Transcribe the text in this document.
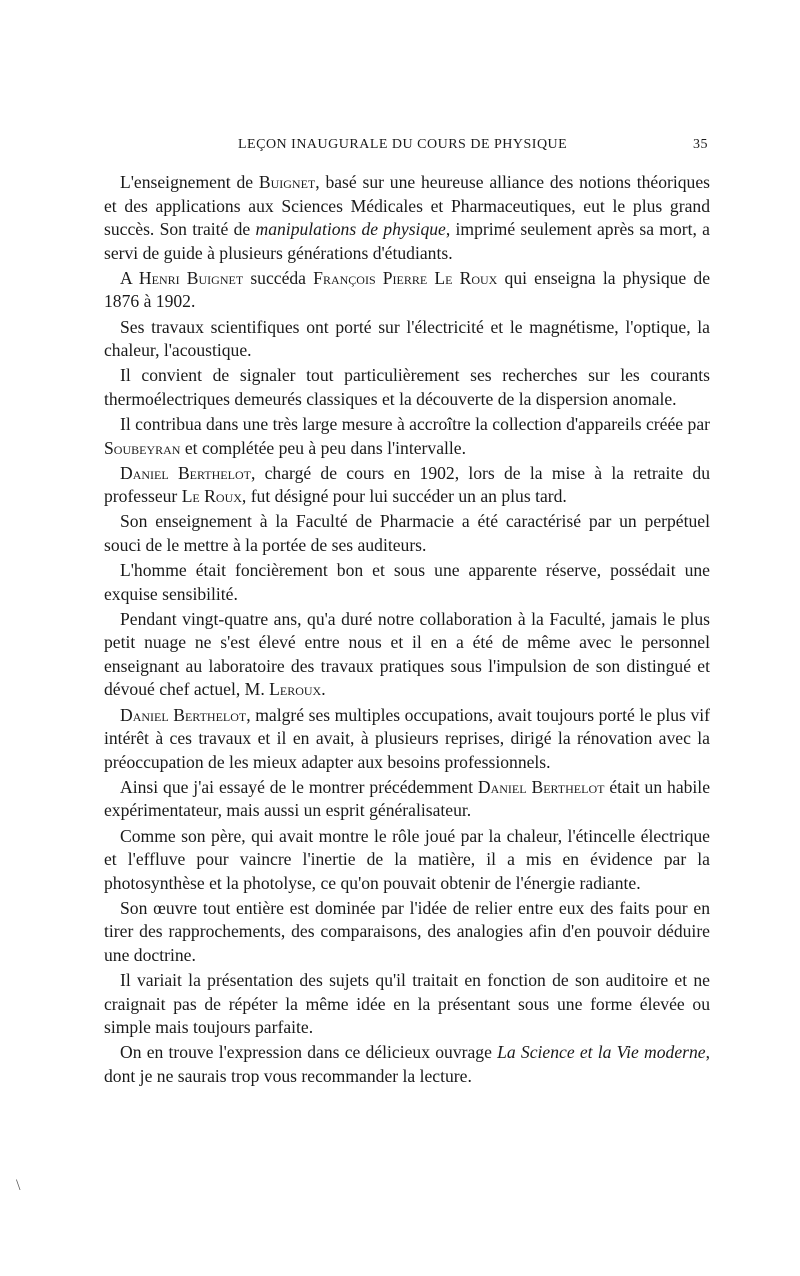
LEÇON INAUGURALE DU COURS DE PHYSIQUE	35

L'enseignement de Buignet, basé sur une heureuse alliance des notions théoriques et des applications aux Sciences Médicales et Pharmaceutiques, eut le plus grand succès. Son traité de manipulations de physique, imprimé seulement après sa mort, a servi de guide à plusieurs générations d'étudiants.

A Henri Buignet succéda François Pierre Le Roux qui enseigna la physique de 1876 à 1902.

Ses travaux scientifiques ont porté sur l'électricité et le magnétisme, l'optique, la chaleur, l'acoustique.

Il convient de signaler tout particulièrement ses recherches sur les courants thermoélectriques demeurés classiques et la découverte de la dispersion anomale.

Il contribua dans une très large mesure à accroître la collection d'appareils créée par Soubeyran et complétée peu à peu dans l'intervalle.

Daniel Berthelot, chargé de cours en 1902, lors de la mise à la retraite du professeur Le Roux, fut désigné pour lui succéder un an plus tard.

Son enseignement à la Faculté de Pharmacie a été caractérisé par un perpétuel souci de le mettre à la portée de ses auditeurs.

L'homme était foncièrement bon et sous une apparente réserve, possédait une exquise sensibilité.

Pendant vingt-quatre ans, qu'a duré notre collaboration à la Faculté, jamais le plus petit nuage ne s'est élevé entre nous et il en a été de même avec le personnel enseignant au laboratoire des travaux pratiques sous l'impulsion de son distingué et dévoué chef actuel, M. Leroux.

Daniel Berthelot, malgré ses multiples occupations, avait toujours porté le plus vif intérêt à ces travaux et il en avait, à plusieurs reprises, dirigé la rénovation avec la préoccupation de les mieux adapter aux besoins professionnels.

Ainsi que j'ai essayé de le montrer précédemment Daniel Berthelot était un habile expérimentateur, mais aussi un esprit généralisateur.

Comme son père, qui avait montre le rôle joué par la chaleur, l'étincelle électrique et l'effluve pour vaincre l'inertie de la matière, il a mis en évidence par la photosynthèse et la photolyse, ce qu'on pouvait obtenir de l'énergie radiante.

Son œuvre tout entière est dominée par l'idée de relier entre eux des faits pour en tirer des rapprochements, des comparaisons, des analogies afin d'en pouvoir déduire une doctrine.

Il variait la présentation des sujets qu'il traitait en fonction de son auditoire et ne craignait pas de répéter la même idée en la présentant sous une forme élevée ou simple mais toujours parfaite.

On en trouve l'expression dans ce délicieux ouvrage La Science et la Vie moderne, dont je ne saurais trop vous recommander la lecture.

\
